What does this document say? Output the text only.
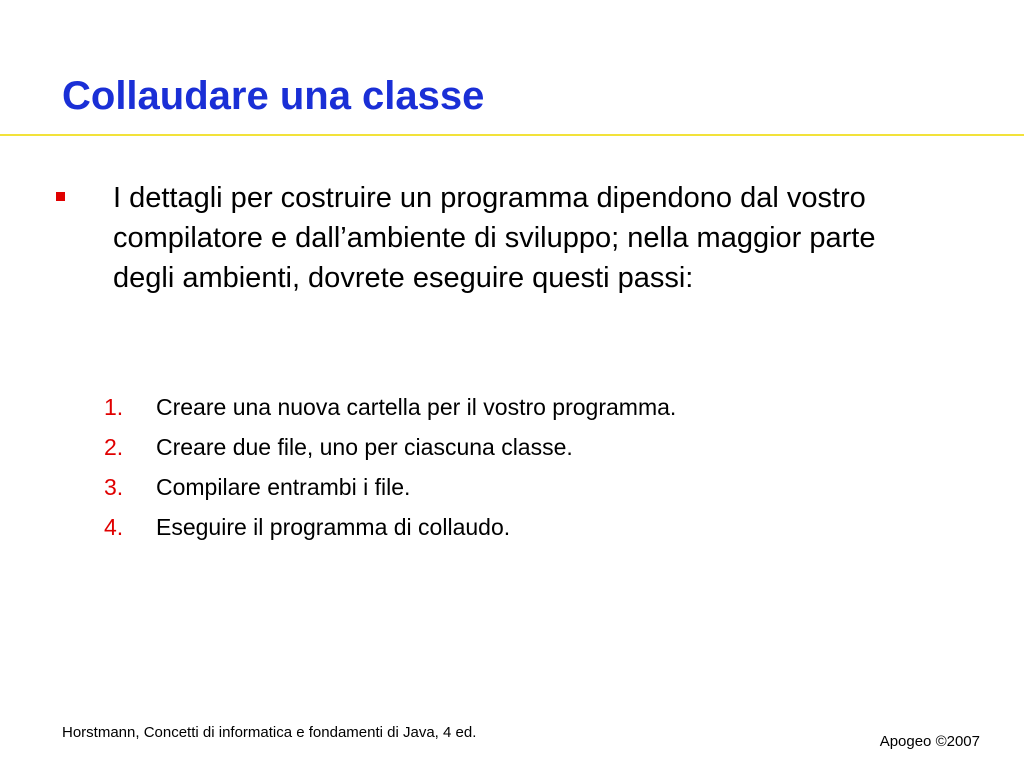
Collaudare una classe

I dettagli per costruire un programma dipendono dal vostro compilatore e dall’ambiente di sviluppo; nella maggior parte degli ambienti, dovrete eseguire questi passi:

1. Creare una nuova cartella per il vostro programma.
2. Creare due file, uno per ciascuna classe.
3. Compilare entrambi i file.
4. Eseguire il programma di collaudo.
Horstmann, Concetti di informatica e fondamenti di Java, 4 ed.
Apogeo ©2007
